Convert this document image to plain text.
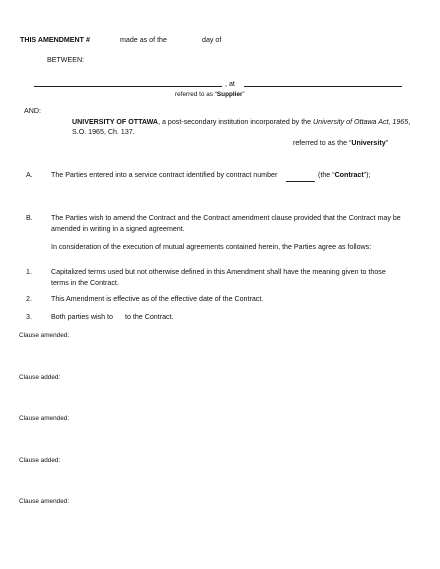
THIS AMENDMENT #	made as of the	day of
BETWEEN:
, at
referred to as “Supplier”
AND:
UNIVERSITY OF OTTAWA, a post-secondary institution incorporated by the University of Ottawa Act, 1965,
S.O. 1965, Ch. 137.
referred to as the “University”
A.	The Parties entered into a service contract identified by contract number	(the “Contract”);
B.	The Parties wish to amend the Contract and the Contract amendment clause provided that the Contract may be
amended in writing in a signed agreement.
In consideration of the execution of mutual agreements contained herein, the Parties agree as follows:
1.	Capitalized terms used but not otherwise defined in this Amendment shall have the meaning given to those
terms in the Contract.
2.	This Amendment is effective as of the effective date of the Contract.
3.	Both parties wish to to the Contract.
Clause amended:
Clause added:
Clause amended:
Clause added:
Clause amended:
